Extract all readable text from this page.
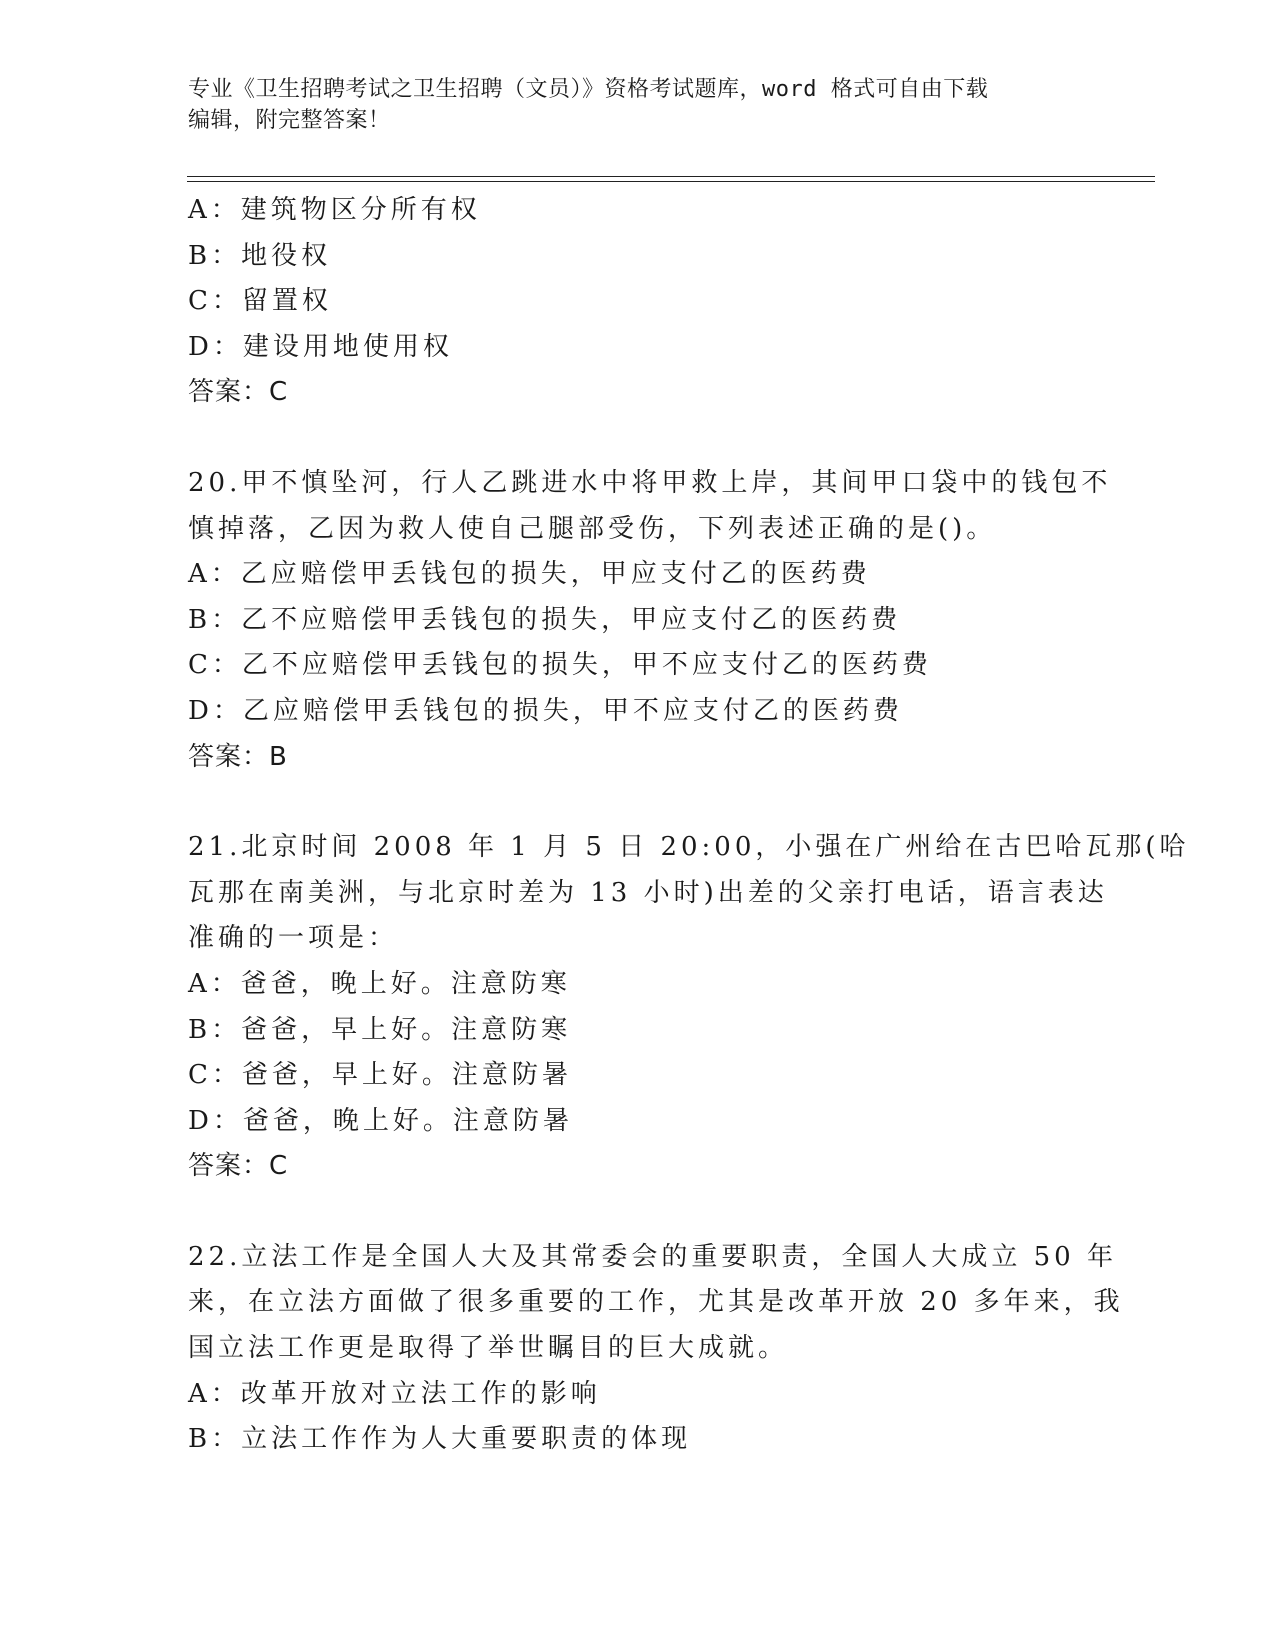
专业《卫生招聘考试之卫生招聘（文员）》资格考试题库，word 格式可自由下载
编辑，附完整答案！
A：建筑物区分所有权
B：地役权
C：留置权
D：建设用地使用权
答案：C
20.甲不慎坠河，行人乙跳进水中将甲救上岸，其间甲口袋中的钱包不
慎掉落，乙因为救人使自己腿部受伤，下列表述正确的是()。
A：乙应赔偿甲丢钱包的损失，甲应支付乙的医药费
B：乙不应赔偿甲丢钱包的损失，甲应支付乙的医药费
C：乙不应赔偿甲丢钱包的损失，甲不应支付乙的医药费
D：乙应赔偿甲丢钱包的损失，甲不应支付乙的医药费
答案：B
21.北京时间 2008 年 1 月 5 日 20:00，小强在广州给在古巴哈瓦那(哈
瓦那在南美洲，与北京时差为 13 小时)出差的父亲打电话，语言表达
准确的一项是：
A：爸爸，晚上好。注意防寒
B：爸爸，早上好。注意防寒
C：爸爸，早上好。注意防暑
D：爸爸，晚上好。注意防暑
答案：C
22.立法工作是全国人大及其常委会的重要职责，全国人大成立 50 年
来，在立法方面做了很多重要的工作，尤其是改革开放 20 多年来，我
国立法工作更是取得了举世瞩目的巨大成就。
A：改革开放对立法工作的影响
B：立法工作作为人大重要职责的体现
